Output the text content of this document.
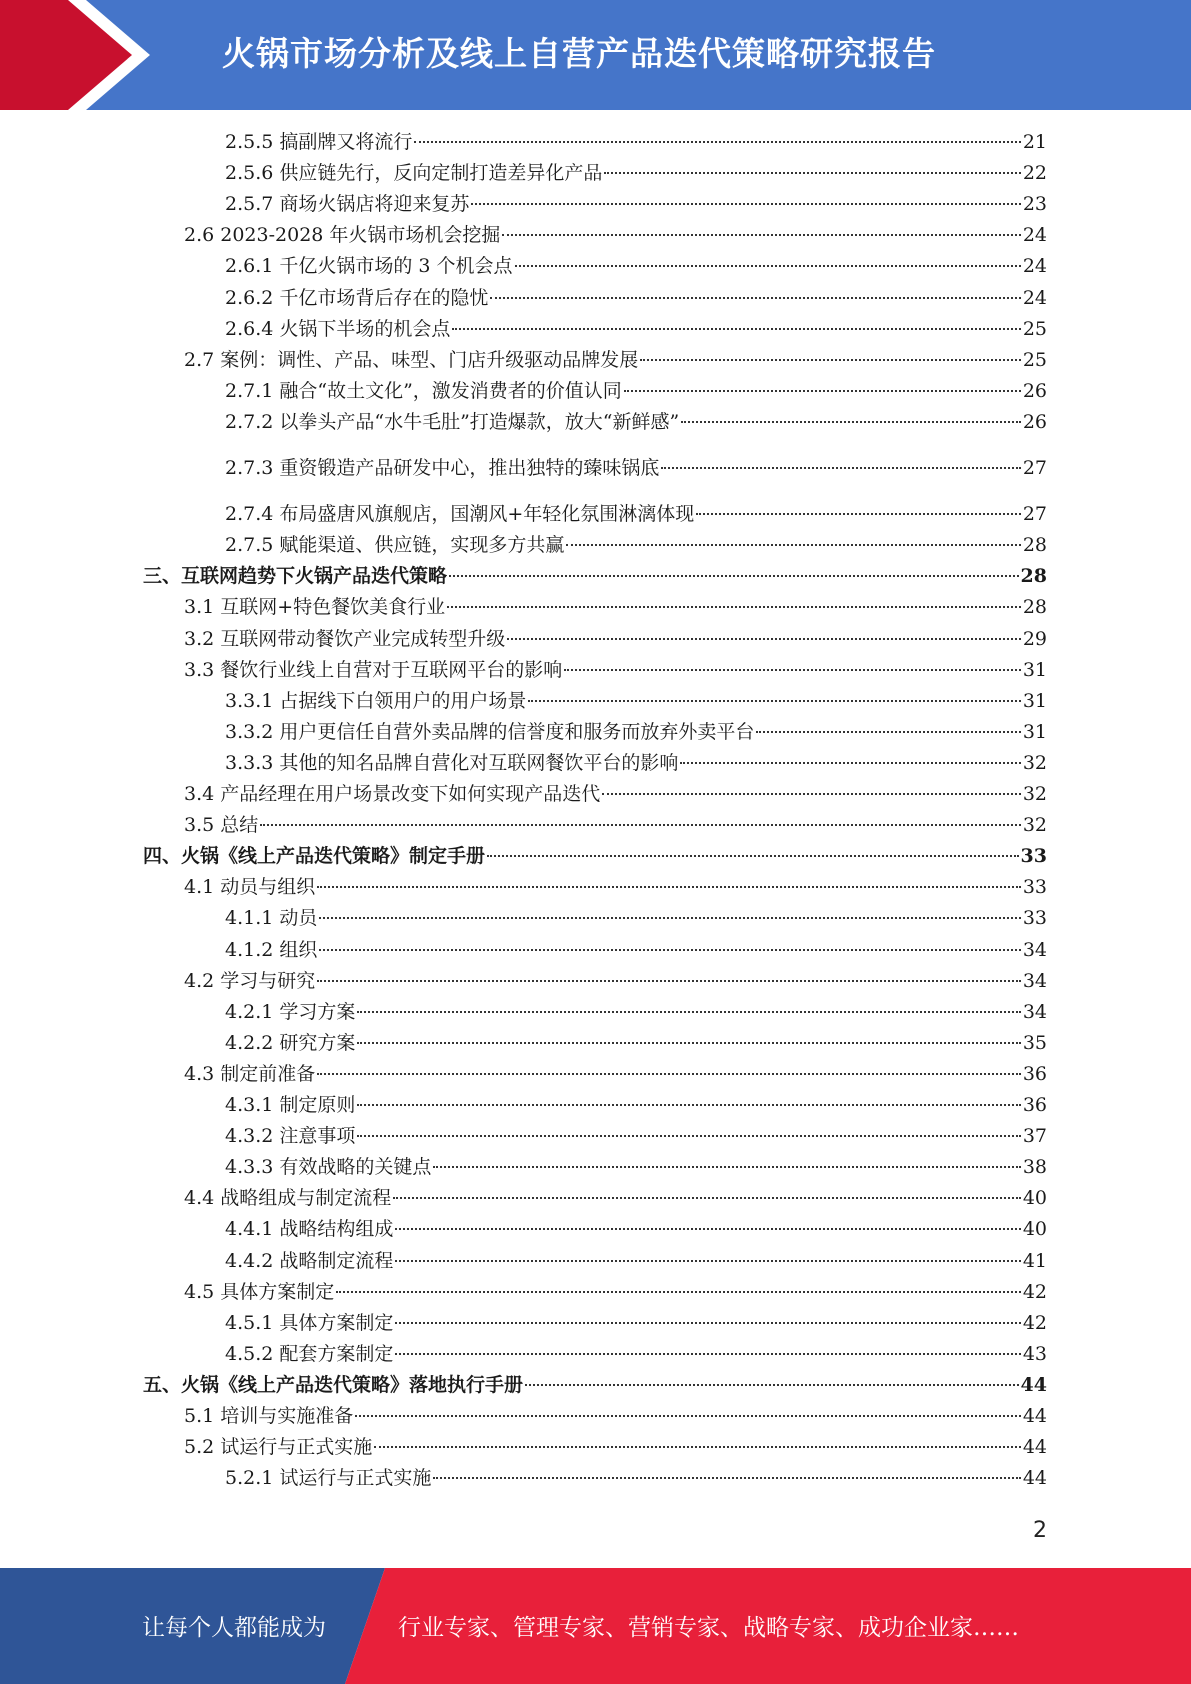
火锅市场分析及线上自营产品迭代策略研究报告
2.5.5 搞副牌又将流行	21
2.5.6 供应链先行，反向定制打造差异化产品	22
2.5.7 商场火锅店将迎来复苏	23
2.6 2023-2028 年火锅市场机会挖掘	24
2.6.1 千亿火锅市场的 3 个机会点	24
2.6.2 千亿市场背后存在的隐忧	24
2.6.4 火锅下半场的机会点	25
2.7 案例：调性、产品、味型、门店升级驱动品牌发展	25
2.7.1 融合“故土文化”，激发消费者的价值认同	26
2.7.2 以拳头产品“水牛毛肚”打造爆款，放大“新鲜感”	26
2.7.3 重资锻造产品研发中心，推出独特的臻味锅底	27
2.7.4 布局盛唐风旗舰店，国潮风+年轻化氛围淋漓体现	27
2.7.5 赋能渠道、供应链，实现多方共赢	28
三、互联网趋势下火锅产品迭代策略	28
3.1 互联网+特色餐饮美食行业	28
3.2 互联网带动餐饮产业完成转型升级	29
3.3 餐饮行业线上自营对于互联网平台的影响	31
3.3.1 占据线下白领用户的用户场景	31
3.3.2 用户更信任自营外卖品牌的信誉度和服务而放弃外卖平台	31
3.3.3 其他的知名品牌自营化对互联网餐饮平台的影响	32
3.4 产品经理在用户场景改变下如何实现产品迭代	32
3.5 总结	32
四、火锅《线上产品迭代策略》制定手册	33
4.1 动员与组织	33
4.1.1 动员	33
4.1.2 组织	34
4.2 学习与研究	34
4.2.1 学习方案	34
4.2.2 研究方案	35
4.3 制定前准备	36
4.3.1 制定原则	36
4.3.2 注意事项	37
4.3.3 有效战略的关键点	38
4.4 战略组成与制定流程	40
4.4.1 战略结构组成	40
4.4.2 战略制定流程	41
4.5 具体方案制定	42
4.5.1 具体方案制定	42
4.5.2 配套方案制定	43
五、火锅《线上产品迭代策略》落地执行手册	44
5.1 培训与实施准备	44
5.2 试运行与正式实施	44
5.2.1 试运行与正式实施	44
2
让每个人都能成为	行业专家、管理专家、营销专家、战略专家、成功企业家……
